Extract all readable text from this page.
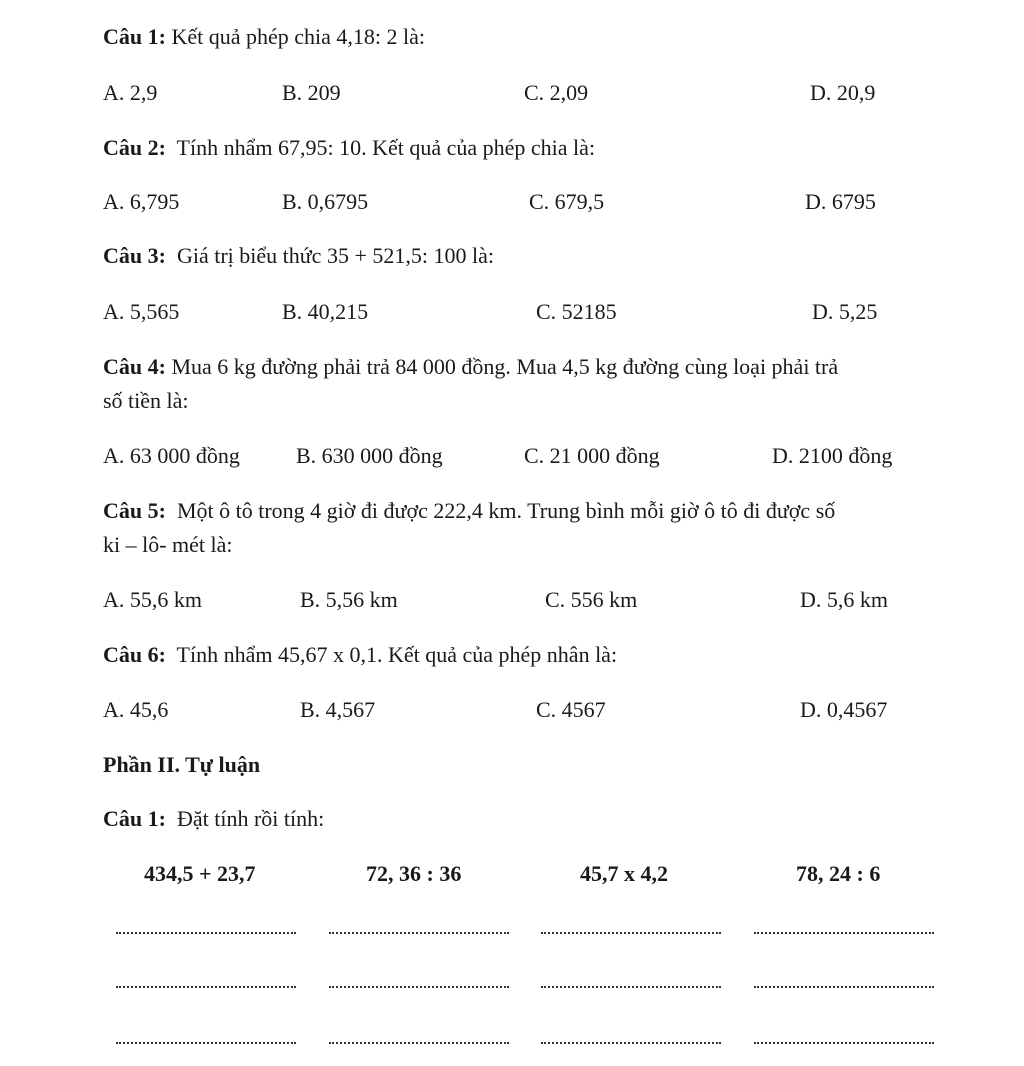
Câu 1: Kết quả phép chia 4,18: 2 là:
A. 2,9	B. 209	C. 2,09	D. 20,9
Câu 2:  Tính nhẩm 67,95: 10. Kết quả của phép chia là:
A. 6,795	B. 0,6795	C. 679,5	D. 6795
Câu 3:  Giá trị biểu thức 35 + 521,5: 100 là:
A. 5,565	B. 40,215	C. 52185	D. 5,25
Câu 4: Mua 6 kg đường phải trả 84 000 đồng. Mua 4,5 kg đường cùng loại phải trả
số tiền là:
A. 63 000 đồng	B. 630 000 đồng	C. 21 000 đồng	D. 2100 đồng
Câu 5:  Một ô tô trong 4 giờ đi được 222,4 km. Trung bình mỗi giờ ô tô đi được số
ki – lô- mét là:
A. 55,6 km	B. 5,56 km	C. 556 km	D. 5,6 km
Câu 6:  Tính nhẩm 45,67 x 0,1. Kết quả của phép nhân là:
A. 45,6	B. 4,567	C. 4567	D. 0,4567
Phần II. Tự luận
Câu 1:  Đặt tính rồi tính:
434,5 + 23,7	72, 36 : 36	45,7 x 4,2	78, 24 : 6
